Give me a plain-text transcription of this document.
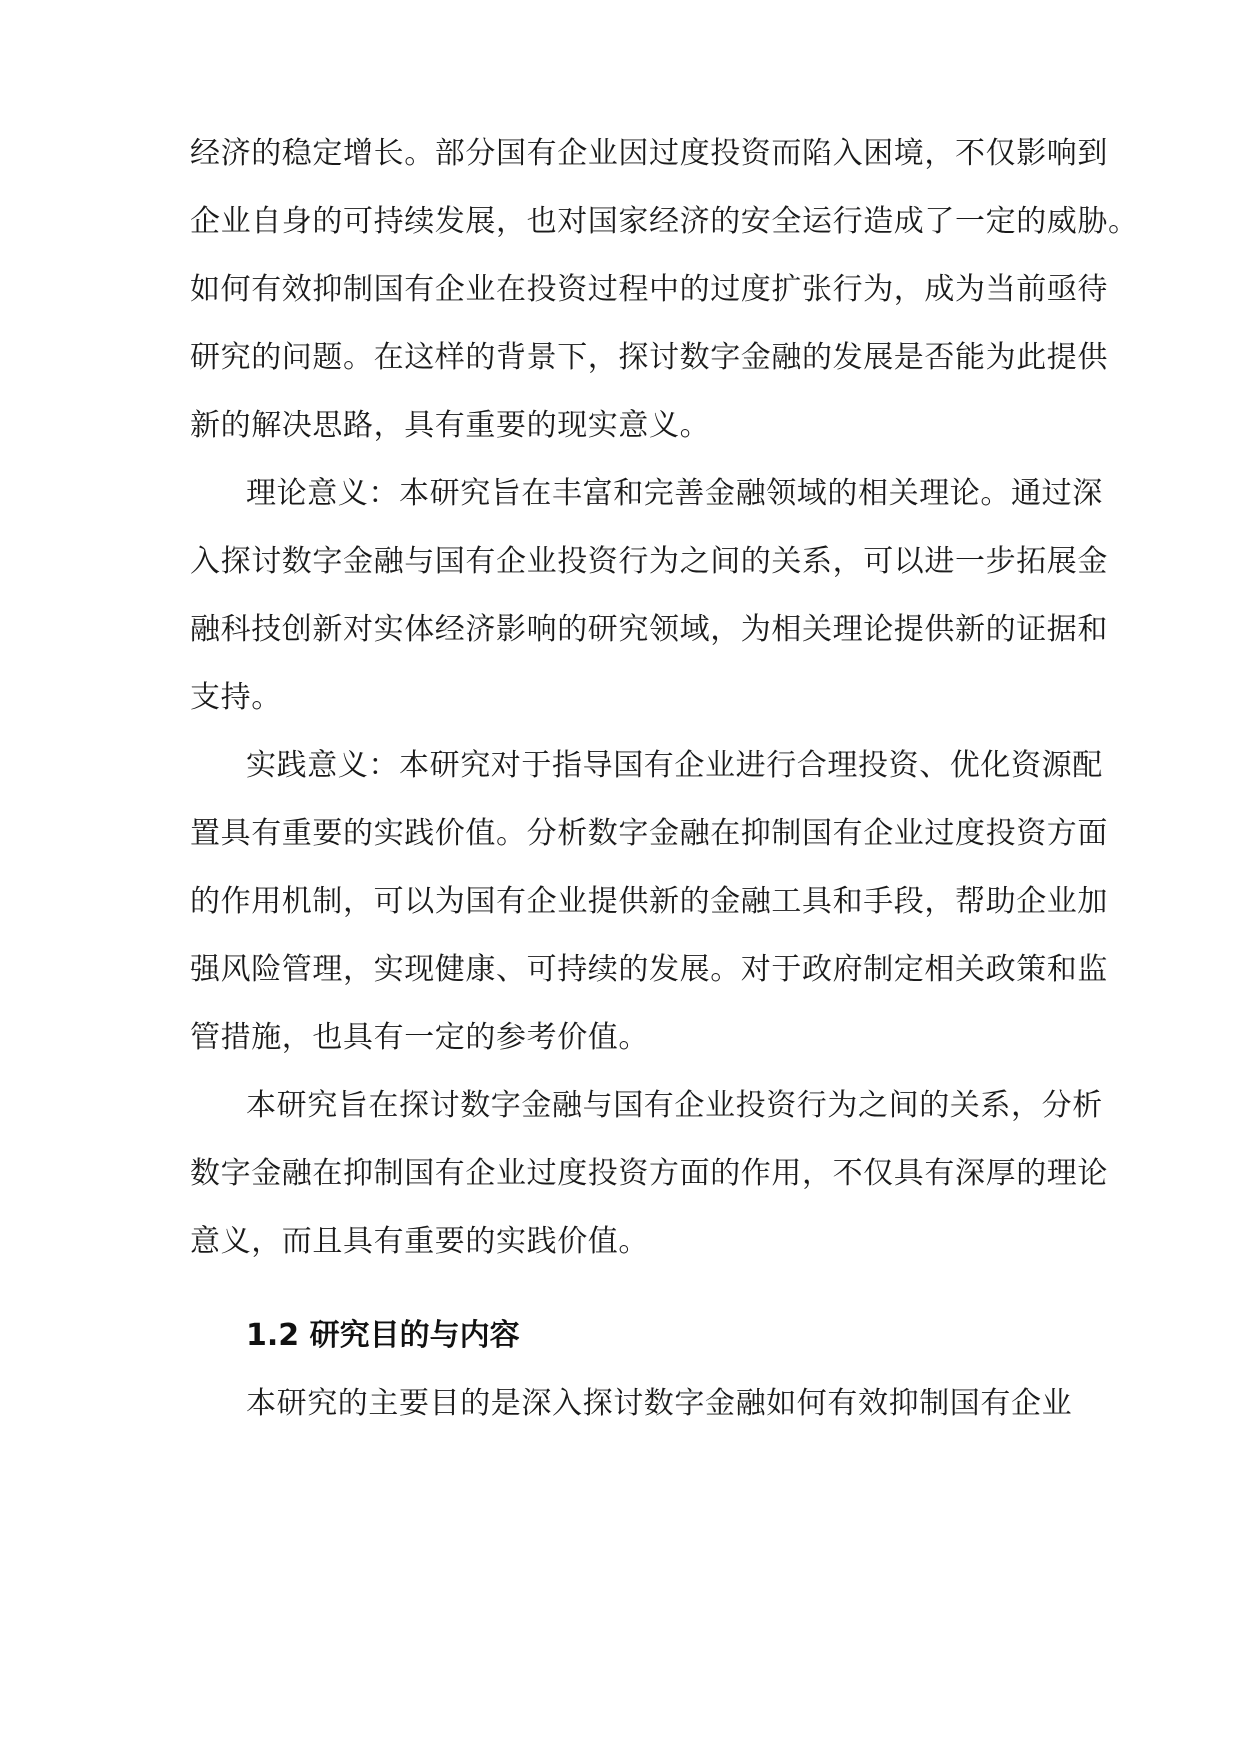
经济的稳定增长。部分国有企业因过度投资而陷入困境，不仅影响到
企业自身的可持续发展，也对国家经济的安全运行造成了一定的威胁。
如何有效抑制国有企业在投资过程中的过度扩张行为，成为当前亟待
研究的问题。在这样的背景下，探讨数字金融的发展是否能为此提供
新的解决思路，具有重要的现实意义。
理论意义：本研究旨在丰富和完善金融领域的相关理论。通过深
入探讨数字金融与国有企业投资行为之间的关系，可以进一步拓展金
融科技创新对实体经济影响的研究领域，为相关理论提供新的证据和
支持。
实践意义：本研究对于指导国有企业进行合理投资、优化资源配
置具有重要的实践价值。分析数字金融在抑制国有企业过度投资方面
的作用机制，可以为国有企业提供新的金融工具和手段，帮助企业加
强风险管理，实现健康、可持续的发展。对于政府制定相关政策和监
管措施，也具有一定的参考价值。
本研究旨在探讨数字金融与国有企业投资行为之间的关系，分析
数字金融在抑制国有企业过度投资方面的作用，不仅具有深厚的理论
意义，而且具有重要的实践价值。
1.2 研究目的与内容
本研究的主要目的是深入探讨数字金融如何有效抑制国有企业
